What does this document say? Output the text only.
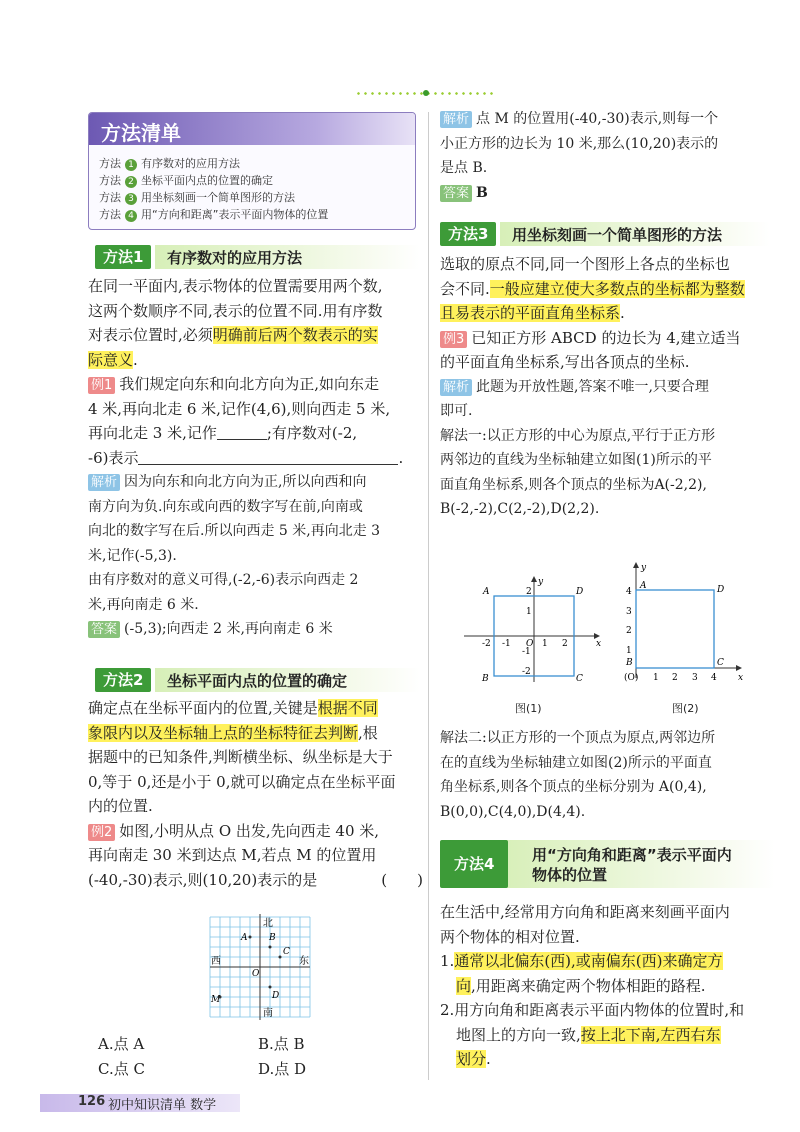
方法清单
方法 1 有序数对的应用方法
方法 2 坐标平面内点的位置的确定
方法 3 用坐标刻画一个简单图形的方法
方法 4 用“方向和距离”表示平面内物体的位置
方法1	有序数对的应用方法
在同一平面内,表示物体的位置需要用两个数,
这两个数顺序不同,表示的位置不同.用有序数
对表示位置时,必须明确前后两个数表示的实
际意义.
例1 我们规定向东和向北方向为正,如向东走
4 米,再向北走 6 米,记作(4,6),则向西走 5 米,
再向北走 3 米,记作	;有序数对(-2,
-6)表示	.
解析 因为向东和向北方向为正,所以向西和向
南方向为负.向东或向西的数字写在前,向南或
向北的数字写在后.所以向西走 5 米,再向北走 3
米,记作(-5,3).
由有序数对的意义可得,(-2,-6)表示向西走 2
米,再向南走 6 米.
答案 (-5,3);向西走 2 米,再向南走 6 米
方法2	坐标平面内点的位置的确定
确定点在坐标平面内的位置,关键是根据不同
象限内以及坐标轴上点的坐标特征去判断,根
据题中的已知条件,判断横坐标、纵坐标是大于
0,等于 0,还是小于 0,就可以确定点在坐标平面
内的位置.
例2 如图,小明从点 O 出发,先向西走 40 米,
再向南走 30 米到达点 M,若点 M 的位置用
(-40,-30)表示,则(10,20)表示的是	(　　)
北
南
西	东
O
A B
C
D
M
A.点 A	B.点 B
C.点 C	D.点 D
解析 点 M 的位置用(-40,-30)表示,则每一个
小正方形的边长为 10 米,那么(10,20)表示的
是点 B.
答案 B
方法3	用坐标刻画一个简单图形的方法
选取的原点不同,同一个图形上各点的坐标也
会不同.一般应建立使大多数点的坐标都为整数
且易表示的平面直角坐标系.
例3 已知正方形 ABCD 的边长为 4,建立适当
的平面直角坐标系,写出各顶点的坐标.
解析 此题为开放性题,答案不唯一,只要合理
即可.
解法一:以正方形的中心为原点,平行于正方形
两邻边的直线为坐标轴建立如图(1)所示的平
面直角坐标系,则各个顶点的坐标为A(-2,2),
B(-2,-2),C(2,-2),D(2,2).
x
y
A
B	C
D
2
1
-1
-2
-2 -1 O 1 2
图(1)
x
y
A
B	C
D
(O)
4
3
2
1
1 2 3 4
图(2)
解法二:以正方形的一个顶点为原点,两邻边所
在的直线为坐标轴建立如图(2)所示的平面直
角坐标系,则各个顶点的坐标分别为 A(0,4),
B(0,0),C(4,0),D(4,4).
方法4	用“方向角和距离”表示平面内
物体的位置
在生活中,经常用方向角和距离来刻画平面内
两个物体的相对位置.
1.通常以北偏东(西),或南偏东(西)来确定方
向,用距离来确定两个物体相距的路程.
2.用方向角和距离表示平面内物体的位置时,和
地图上的方向一致,按上北下南,左西右东
划分.
126 初中知识清单 数学
